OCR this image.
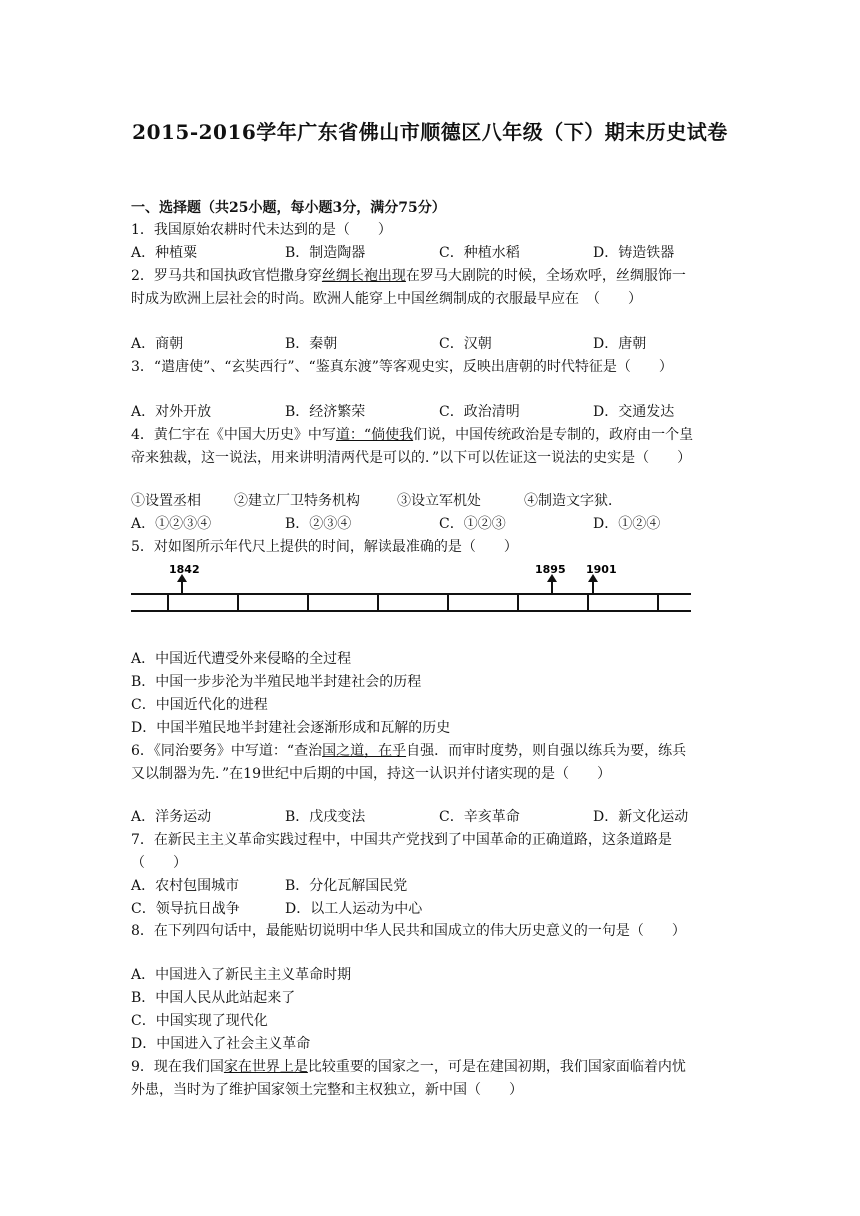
2015-2016学年广东省佛山市顺德区八年级（下）期末历史试卷
一、选择题（共25小题，每小题3分，满分75分）
1．我国原始农耕时代未达到的是（　　）
A．种植粟	B．制造陶器	C．种植水稻	D．铸造铁器
2．罗马共和国执政官恺撒身穿丝绸长袍出现在罗马大剧院的时候，全场欢呼，丝绸服饰一
时成为欧洲上层社会的时尚。欧洲人能穿上中国丝绸制成的衣服最早应在　（　　）
A．商朝	B．秦朝	C．汉朝	D．唐朝
3．“遣唐使”、“玄奘西行”、“鉴真东渡”等客观史实，反映出唐朝的时代特征是（　　）
A．对外开放	B．经济繁荣	C．政治清明	D．交通发达
4．黄仁宇在《中国大历史》中写道：“倘使我们说，中国传统政治是专制的，政府由一个皇
帝来独裁，这一说法，用来讲明清两代是可以的．”以下可以佐证这一说法的史实是（　　）
①设置丞相 ②建立厂卫特务机构	③设立军机处	④制造文字狱．
A．①②③④	B．②③④	C．①②③	D．①②④
5．对如图所示年代尺上提供的时间，解读最准确的是（　　）
1842	1895 1901
A．中国近代遭受外来侵略的全过程
B．中国一步步沦为半殖民地半封建社会的历程
C．中国近代化的进程
D．中国半殖民地半封建社会逐渐形成和瓦解的历史
6．《同治要务》中写道：“查治国之道，在乎自强．而审时度势，则自强以练兵为要，练兵
又以制器为先．”在19世纪中后期的中国，持这一认识并付诸实现的是（　　）
A．洋务运动	B．戊戌变法	C．辛亥革命	D．新文化运动
7．在新民主主义革命实践过程中，中国共产党找到了中国革命的正确道路，这条道路是
（　　）
A．农村包围城市	B．分化瓦解国民党
C．领导抗日战争	D．以工人运动为中心
8．在下列四句话中，最能贴切说明中华人民共和国成立的伟大历史意义的一句是（　　）
A．中国进入了新民主主义革命时期
B．中国人民从此站起来了
C．中国实现了现代化
D．中国进入了社会主义革命
9．现在我们国家在世界上是比较重要的国家之一，可是在建国初期，我们国家面临着内忧
外患，当时为了维护国家领土完整和主权独立，新中国（　　）
